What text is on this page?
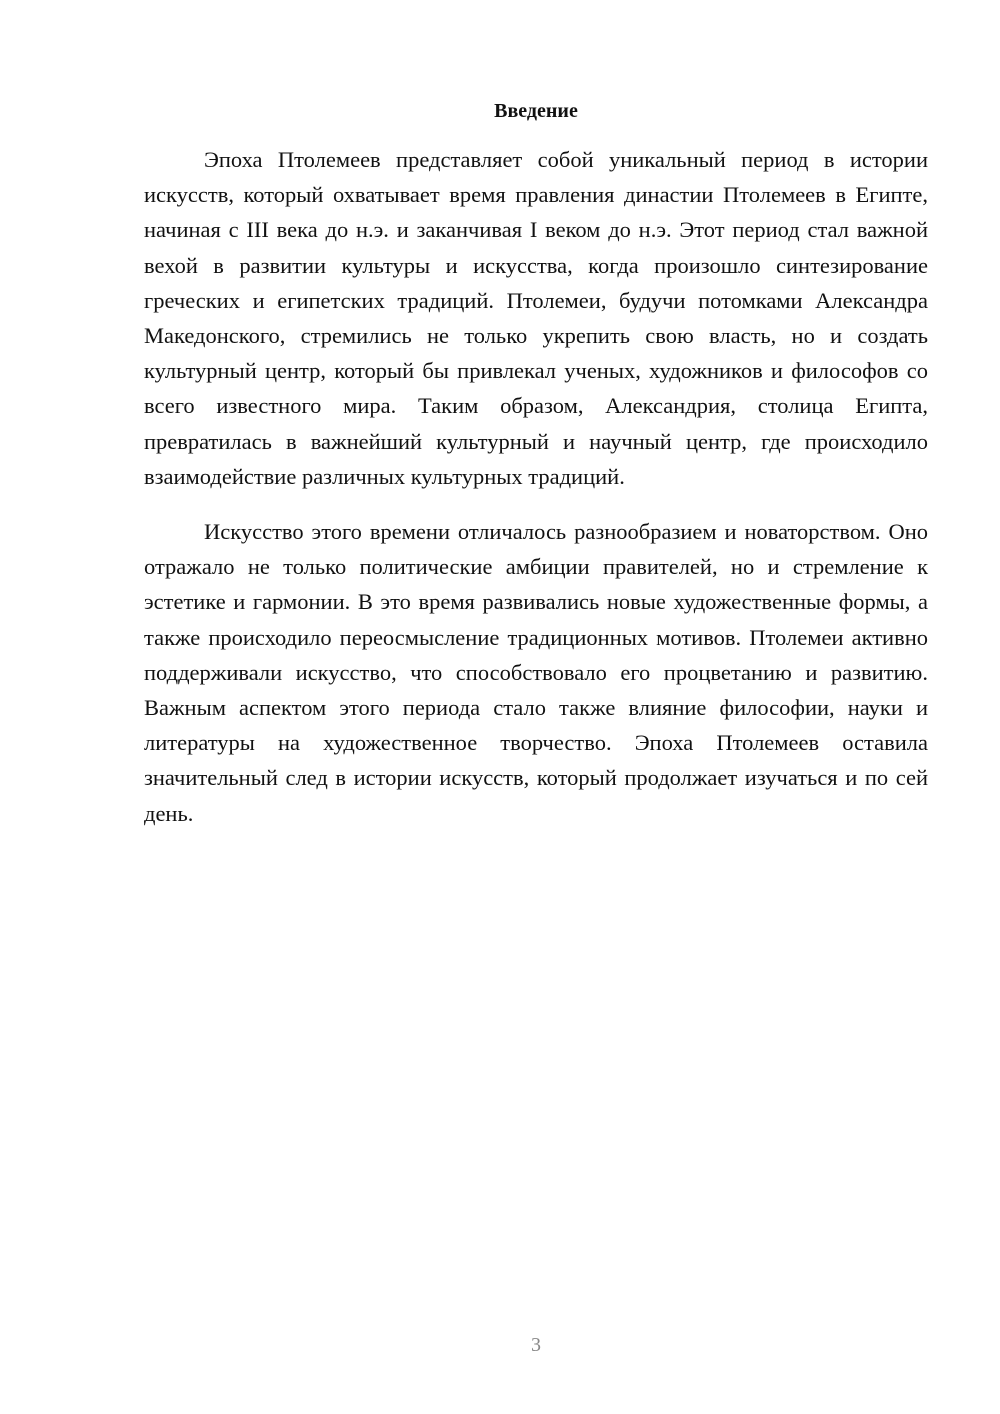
Введение

Эпоха Птолемеев представляет собой уникальный период в истории искусств, который охватывает время правления династии Птолемеев в Египте, начиная с III века до н.э. и заканчивая I веком до н.э. Этот период стал важной вехой в развитии культуры и искусства, когда произошло синтезирование греческих и египетских традиций. Птолемеи, будучи потомками Александра Македонского, стремились не только укрепить свою власть, но и создать культурный центр, который бы привлекал ученых, художников и философов со всего известного мира. Таким образом, Александрия, столица Египта, превратилась в важнейший культурный и научный центр, где происходило взаимодействие различных культурных традиций.

Искусство этого времени отличалось разнообразием и новаторством. Оно отражало не только политические амбиции правителей, но и стремление к эстетике и гармонии. В это время развивались новые художественные формы, а также происходило переосмысление традиционных мотивов. Птолемеи активно поддерживали искусство, что способствовало его процветанию и развитию. Важным аспектом этого периода стало также влияние философии, науки и литературы на художественное творчество. Эпоха Птолемеев оставила значительный след в истории искусств, который продолжает изучаться и по сей день.

3
